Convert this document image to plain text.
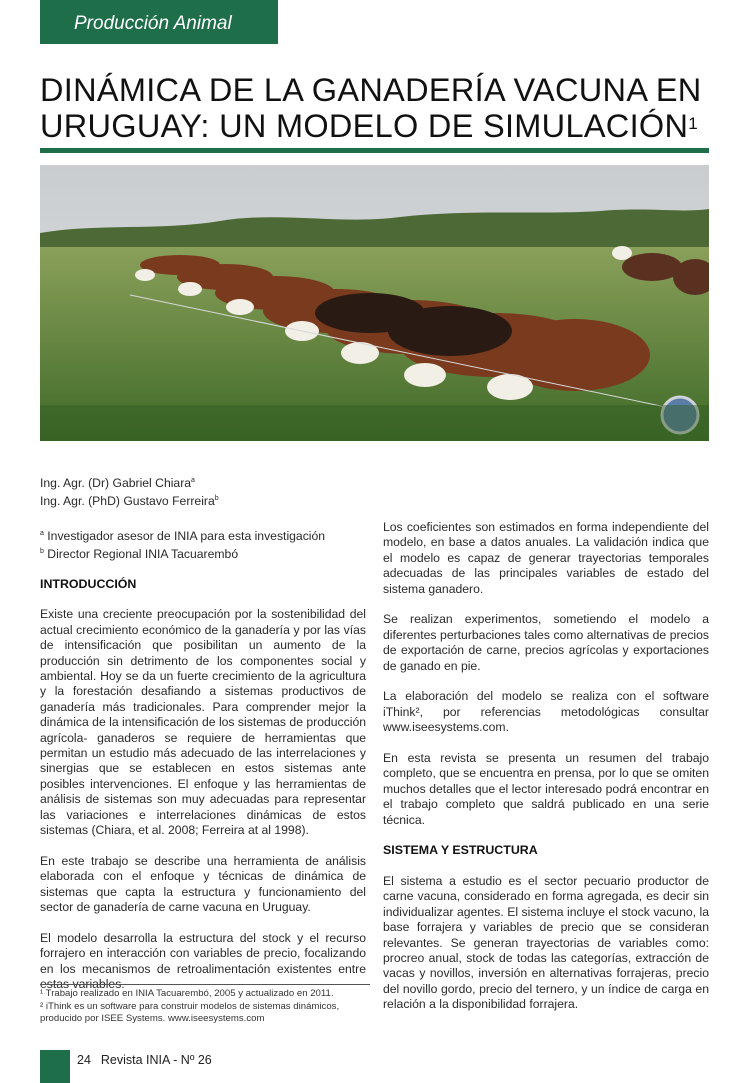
Producción Animal
DINÁMICA DE LA GANADERÍA VACUNA EN URUGUAY: UN MODELO DE SIMULACIÓN$^1$

Ing. Agr. (Dr) Gabriel Chiara$^a$

Ing. Agr. (PhD) Gustavo Ferreira$^b$

$^a$ Investigador asesor de INIA para esta investigación

$^b$ Director Regional INIA Tacuarembó

INTRODUCCIÓN

Existe una creciente preocupación por la sostenibilidad del actual crecimiento económico de la ganadería y por las vías de intensificación que posibilitan un aumento de la producción sin detrimento de los componentes social y ambiental. Hoy se da un fuerte crecimiento de la agricultura y la forestación desafiando a sistemas productivos de ganadería más tradicionales. Para comprender mejor la dinámica de la intensificación de los sistemas de producción agrícola- ganaderos se requiere de herramientas que permitan un estudio más adecuado de las interrelaciones y sinergias que se establecen en estos sistemas ante posibles intervenciones. El enfoque y las herramientas de análisis de sistemas son muy adecuadas para representar las variaciones e interrelaciones dinámicas de estos sistemas (Chiara, et al. 2008; Ferreira at al 1998).

En este trabajo se describe una herramienta de análisis elaborada con el enfoque y técnicas de dinámica de sistemas que capta la estructura y funcionamiento del sector de ganadería de carne vacuna en Uruguay.

El modelo desarrolla la estructura del stock y el recurso forrajero en interacción con variables de precio, focalizando en los mecanismos de retroalimentación existentes entre estas variables.

Los coeficientes son estimados en forma independiente del modelo, en base a datos anuales. La validación indica que el modelo es capaz de generar trayectorias temporales adecuadas de las principales variables de estado del sistema ganadero.

Se realizan experimentos, sometiendo el modelo a diferentes perturbaciones tales como alternativas de precios de exportación de carne, precios agrícolas y exportaciones de ganado en pie.

La elaboración del modelo se realiza con el software iThink², por referencias metodológicas consultar www.iseesystems.com.

En esta revista se presenta un resumen del trabajo completo, que se encuentra en prensa, por lo que se omiten muchos detalles que el lector interesado podrá encontrar en el trabajo completo que saldrá publicado en una serie técnica.

SISTEMA Y ESTRUCTURA

El sistema a estudio es el sector pecuario productor de carne vacuna, considerado en forma agregada, es decir sin individualizar agentes. El sistema incluye el stock vacuno, la base forrajera y variables de precio que se consideran relevantes. Se generan trayectorias de variables como: procreo anual, stock de todas las categorías, extracción de vacas y novillos, inversión en alternativas forrajeras, precio del novillo gordo, precio del ternero, y un índice de carga en relación a la disponibilidad forrajera.

¹ Trabajo realizado en INIA Tacuarembó, 2005 y actualizado en 2011.

² iThink es un software para construir modelos de sistemas dinámicos, producido por ISEE Systems. www.iseesystems.com

24 Revista INIA - Nº 26
